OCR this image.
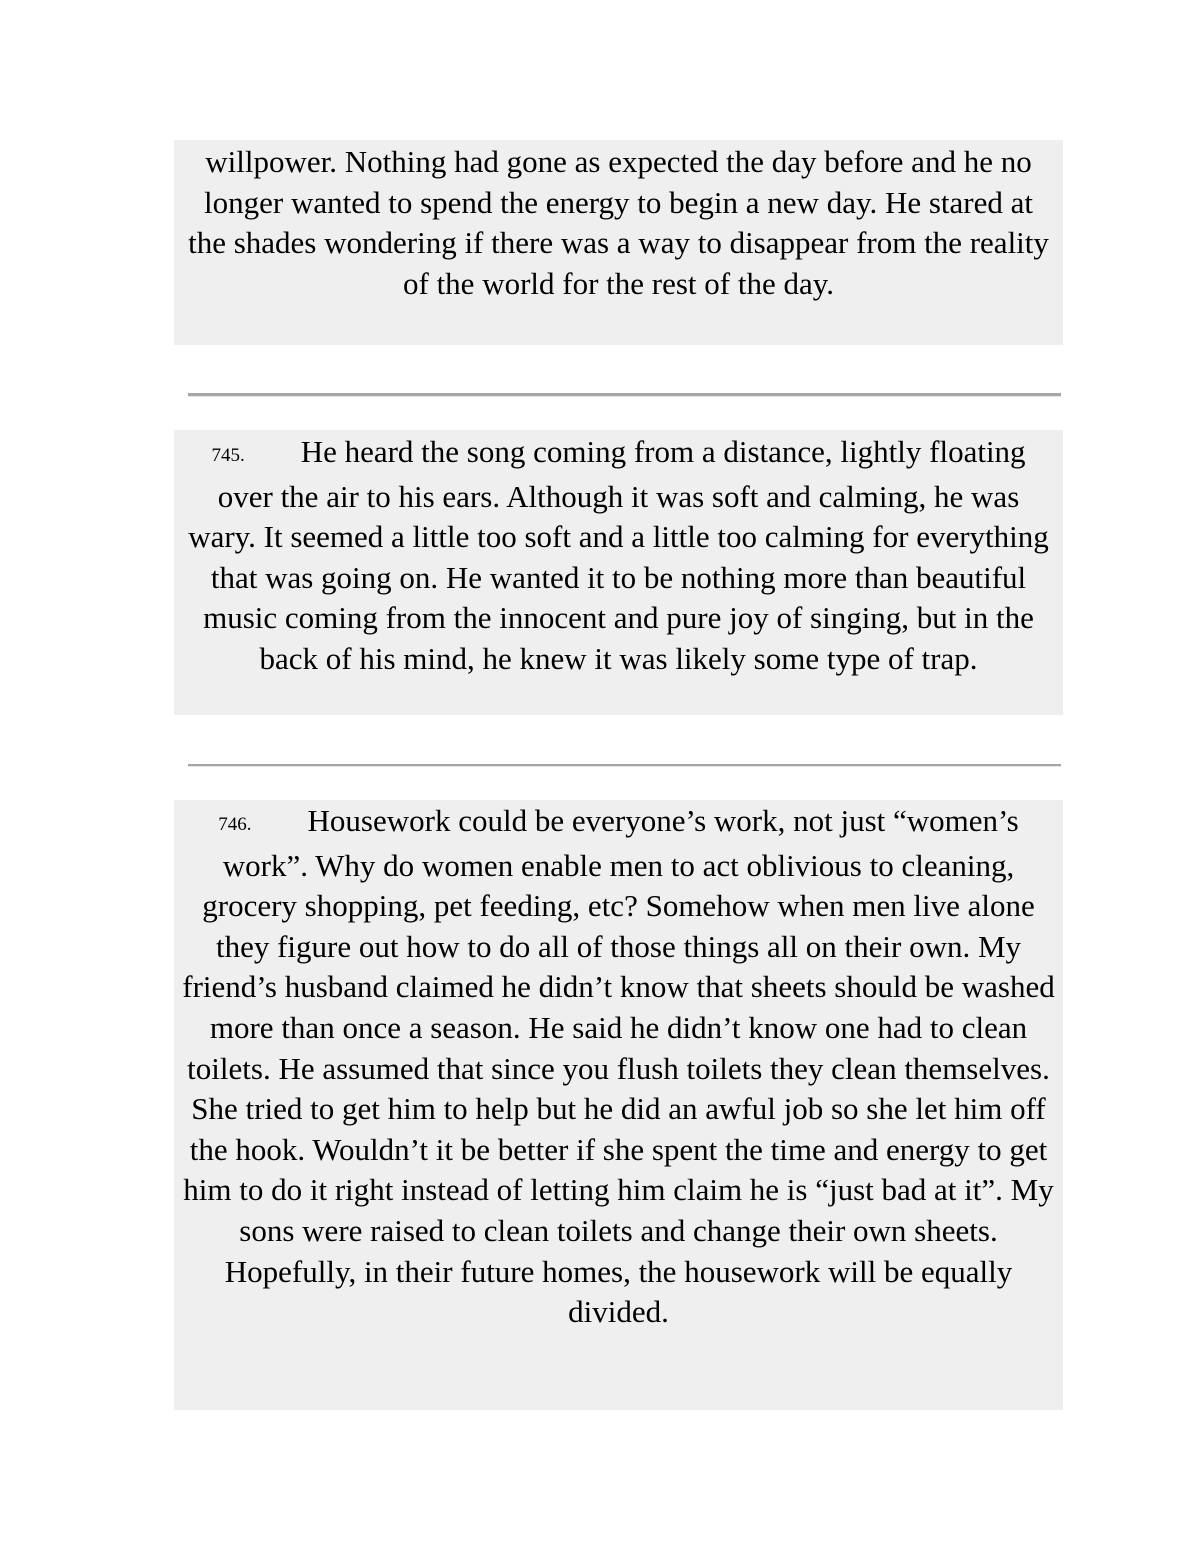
willpower. Nothing had gone as expected the day before and he no longer wanted to spend the energy to begin a new day. He stared at the shades wondering if there was a way to disappear from the reality of the world for the rest of the day.

745. He heard the song coming from a distance, lightly floating over the air to his ears. Although it was soft and calming, he was wary. It seemed a little too soft and a little too calming for everything that was going on. He wanted it to be nothing more than beautiful music coming from the innocent and pure joy of singing, but in the back of his mind, he knew it was likely some type of trap.

746. Housework could be everyone’s work, not just “women’s work”. Why do women enable men to act oblivious to cleaning, grocery shopping, pet feeding, etc? Somehow when men live alone they figure out how to do all of those things all on their own. My friend’s husband claimed he didn’t know that sheets should be washed more than once a season. He said he didn’t know one had to clean toilets. He assumed that since you flush toilets they clean themselves. She tried to get him to help but he did an awful job so she let him off the hook. Wouldn’t it be better if she spent the time and energy to get him to do it right instead of letting him claim he is “just bad at it”. My sons were raised to clean toilets and change their own sheets. Hopefully, in their future homes, the housework will be equally divided.
